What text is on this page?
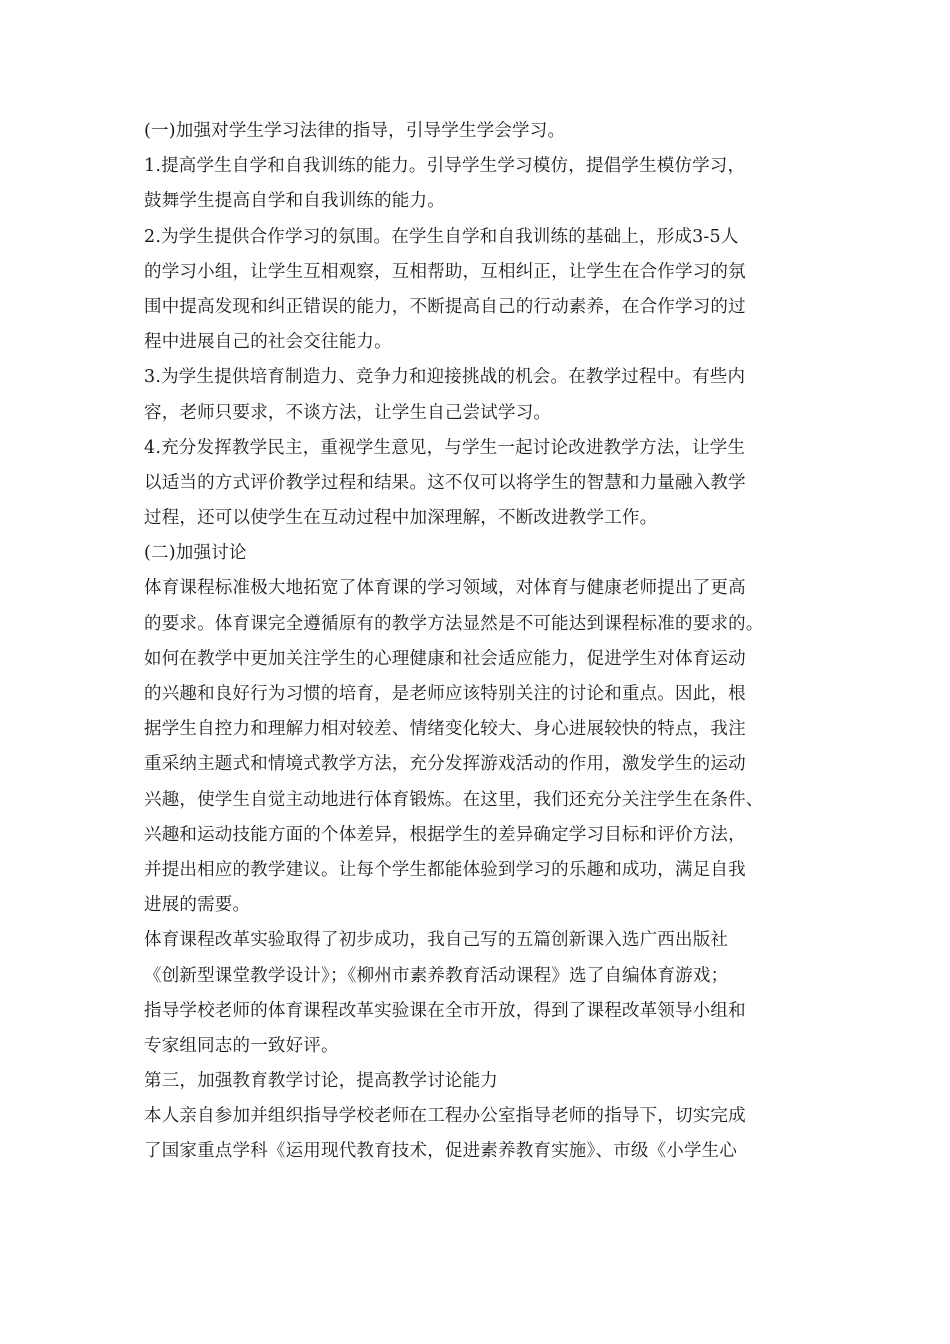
(一)加强对学生学习法律的指导，引导学生学会学习。
1.提高学生自学和自我训练的能力。引导学生学习模仿，提倡学生模仿学习，
鼓舞学生提高自学和自我训练的能力。
2.为学生提供合作学习的氛围。在学生自学和自我训练的基础上，形成3-5人
的学习小组，让学生互相观察，互相帮助，互相纠正，让学生在合作学习的氛
围中提高发现和纠正错误的能力，不断提高自己的行动素养，在合作学习的过
程中进展自己的社会交往能力。
3.为学生提供培育制造力、竞争力和迎接挑战的机会。在教学过程中。有些内
容，老师只要求，不谈方法，让学生自己尝试学习。
4.充分发挥教学民主，重视学生意见，与学生一起讨论改进教学方法，让学生
以适当的方式评价教学过程和结果。这不仅可以将学生的智慧和力量融入教学
过程，还可以使学生在互动过程中加深理解，不断改进教学工作。
(二)加强讨论
体育课程标准极大地拓宽了体育课的学习领域，对体育与健康老师提出了更高
的要求。体育课完全遵循原有的教学方法显然是不可能达到课程标准的要求的。
如何在教学中更加关注学生的心理健康和社会适应能力，促进学生对体育运动
的兴趣和良好行为习惯的培育，是老师应该特别关注的讨论和重点。因此，根
据学生自控力和理解力相对较差、情绪变化较大、身心进展较快的特点，我注
重采纳主题式和情境式教学方法，充分发挥游戏活动的作用，激发学生的运动
兴趣，使学生自觉主动地进行体育锻炼。在这里，我们还充分关注学生在条件、
兴趣和运动技能方面的个体差异，根据学生的差异确定学习目标和评价方法，
并提出相应的教学建议。让每个学生都能体验到学习的乐趣和成功，满足自我
进展的需要。
体育课程改革实验取得了初步成功，我自己写的五篇创新课入选广西出版社
《创新型课堂教学设计》；《柳州市素养教育活动课程》选了自编体育游戏；
指导学校老师的体育课程改革实验课在全市开放，得到了课程改革领导小组和
专家组同志的一致好评。
第三，加强教育教学讨论，提高教学讨论能力
本人亲自参加并组织指导学校老师在工程办公室指导老师的指导下，切实完成
了国家重点学科《运用现代教育技术，促进素养教育实施》、市级《小学生心
